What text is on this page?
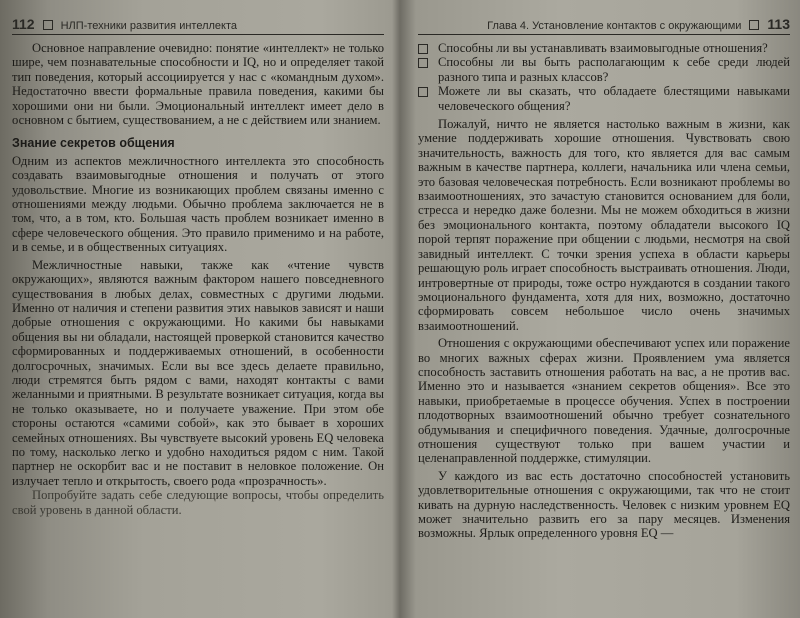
112 НЛП-техники развития интеллекта

Основное направление очевидно: понятие «интеллект» не только шире, чем познавательные способности и IQ, но и определяет такой тип поведения, который ассоциируется у нас с «командным духом». Недостаточно ввести формальные правила поведения, какими бы хорошими они ни были. Эмоциональный интеллект имеет дело в основном с бытием, существованием, а не с действием или знанием.

Знание секретов общения

Одним из аспектов межличностного интеллекта это способность создавать взаимовыгодные отношения и получать от этого удовольствие. Многие из возникающих проблем связаны именно с отношениями между людьми. Обычно проблема заключается не в том, что, а в том, кто. Большая часть проблем возникает именно в сфере человеческого общения. Это правило применимо и на работе, и в семье, и в общественных ситуациях.

Межличностные навыки, также как «чтение чувств окружающих», являются важным фактором нашего повседневного существования в любых делах, совместных с другими людьми. Именно от наличия и степени развития этих навыков зависят и наши добрые отношения с окружающими. Но какими бы навыками общения вы ни обладали, настоящей проверкой становится качество сформированных и поддерживаемых отношений, в особенности долгосрочных, значимых. Если вы все здесь делаете правильно, люди стремятся быть рядом с вами, находят контакты с вами желанными и приятными. В результате возникает ситуация, когда вы не только оказываете, но и получаете уважение. При этом обе стороны остаются «самими собой», как это бывает в хороших семейных отношениях. Вы чувствуете высокий уровень EQ человека по тому, насколько легко и удобно находиться рядом с ним. Такой партнер не оскорбит вас и не поставит в неловкое положение. Он излучает тепло и открытость, своего рода «прозрачность».

Попробуйте задать себе следующие вопросы, чтобы определить свой уровень в данной области.

Глава 4. Установление контактов с окружающими 113
Способны ли вы устанавливать взаимовыгодные отношения?
Способны ли вы быть располагающим к себе среди людей разного типа и разных классов?
Можете ли вы сказать, что обладаете блестящими навыками человеческого общения?

Пожалуй, ничто не является настолько важным в жизни, как умение поддерживать хорошие отношения. Чувствовать свою значительность, важность для того, кто является для вас самым важным в качестве партнера, коллеги, начальника или члена семьи, это базовая человеческая потребность. Если возникают проблемы во взаимоотношениях, это зачастую становится основанием для боли, стресса и нередко даже болезни. Мы не можем обходиться в жизни без эмоционального контакта, поэтому обладатели высокого IQ порой терпят поражение при общении с людьми, несмотря на свой завидный интеллект. С точки зрения успеха в области карьеры решающую роль играет способность выстраивать отношения. Люди, интровертные от природы, тоже остро нуждаются в создании такого эмоционального фундамента, хотя для них, возможно, достаточно сформировать совсем небольшое число очень значимых взаимоотношений.

Отношения с окружающими обеспечивают успех или поражение во многих важных сферах жизни. Проявлением ума является способность заставить отношения работать на вас, а не против вас. Именно это и называется «знанием секретов общения». Все это навыки, приобретаемые в процессе обучения. Успех в построении плодотворных взаимоотношений обычно требует сознательного обдумывания и специфичного поведения. Удачные, долгосрочные отношения существуют только при вашем участии и целенаправленной поддержке, стимуляции.

У каждого из вас есть достаточно способностей установить удовлетворительные отношения с окружающими, так что не стоит кивать на дурную наследственность. Человек с низким уровнем EQ может значительно развить его за пару месяцев. Изменения возможны. Ярлык определенного уровня EQ —
